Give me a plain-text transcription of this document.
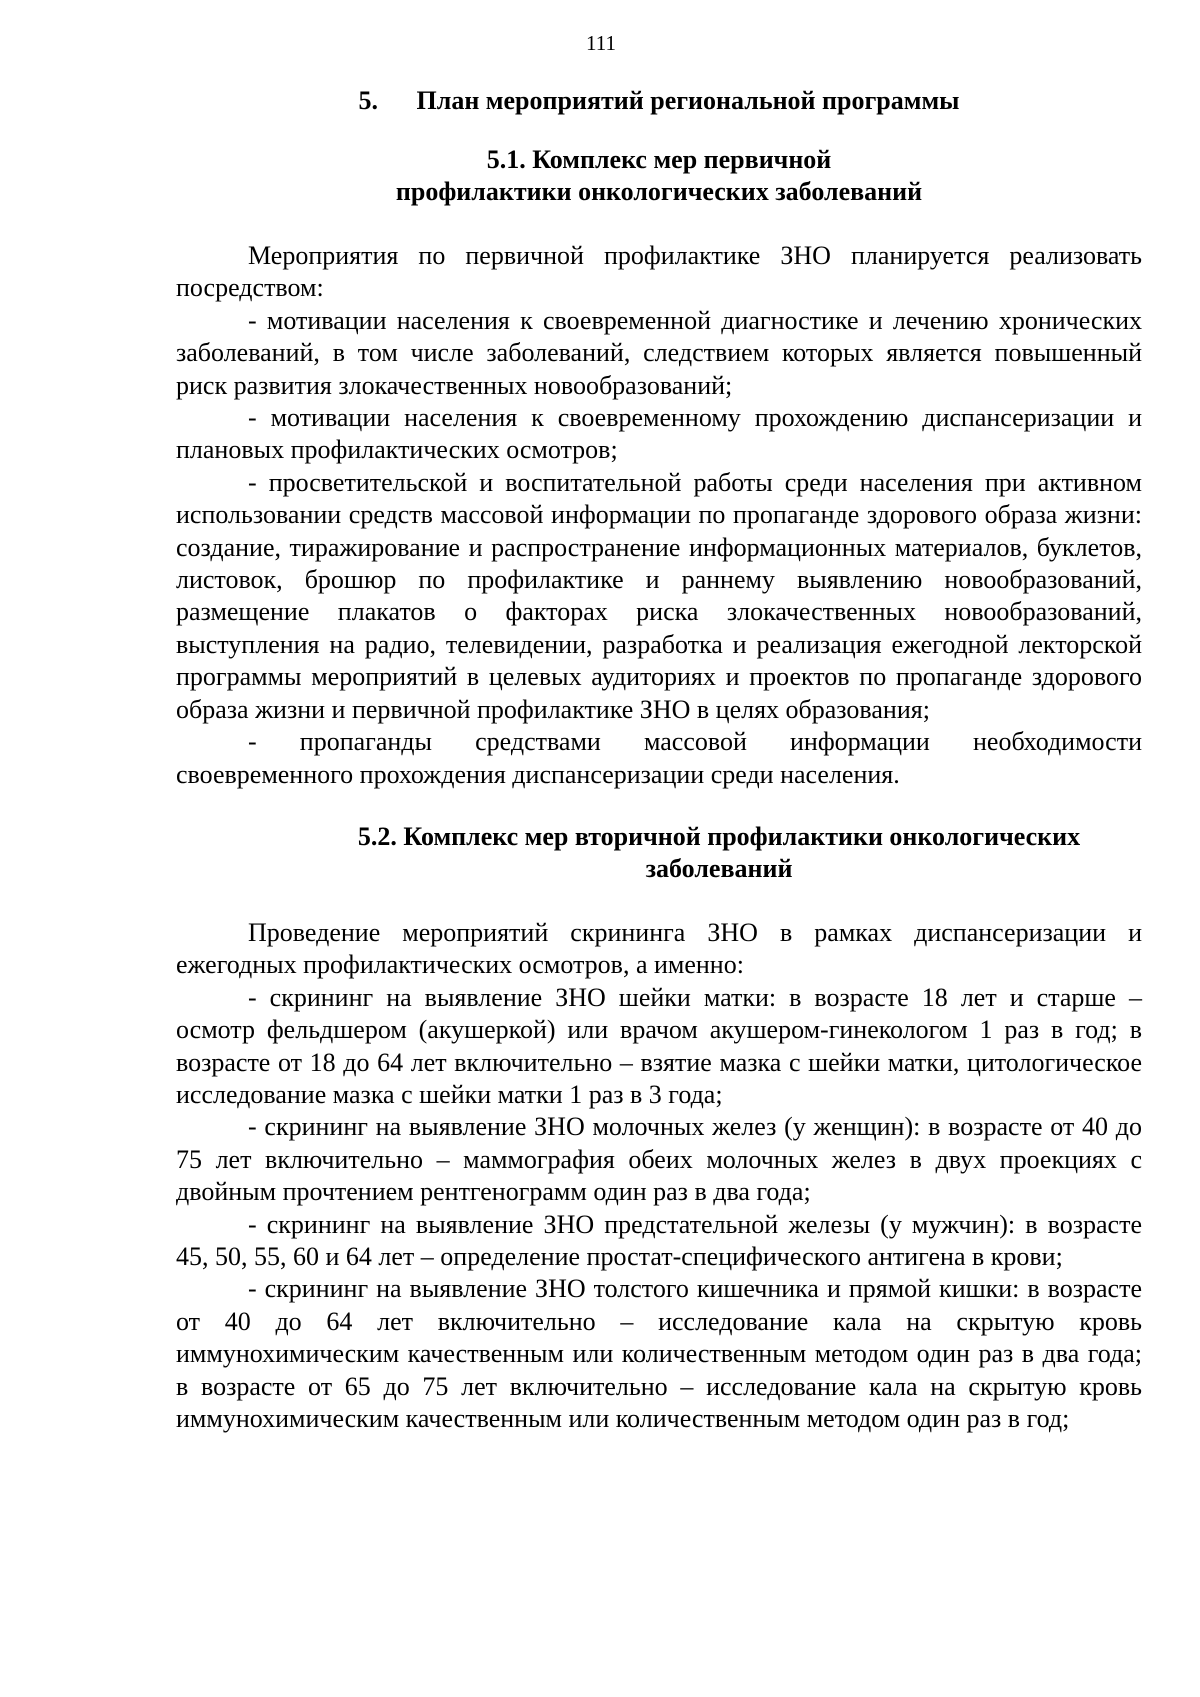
111
5. План мероприятий региональной программы
5.1. Комплекс мер первичной
профилактики онкологических заболеваний

Мероприятия по первичной профилактике ЗНО планируется реализовать посредством:

- мотивации населения к своевременной диагностике и лечению хронических заболеваний, в том числе заболеваний, следствием которых является повышенный риск развития злокачественных новообразований;

- мотивации населения к своевременному прохождению диспансеризации и плановых профилактических осмотров;

- просветительской и воспитательной работы среди населения при активном использовании средств массовой информации по пропаганде здорового образа жизни: создание, тиражирование и распространение информационных материалов, буклетов, листовок, брошюр по профилактике и раннему выявлению новообразований, размещение плакатов о факторах риска злокачественных новообразований, выступления на радио, телевидении, разработка и реализация ежегодной лекторской программы мероприятий в целевых аудиториях и проектов по пропаганде здорового образа жизни и первичной профилактике ЗНО в целях образования;

- пропаганды средствами массовой информации необходимости своевременного прохождения диспансеризации среди населения.

5.2. Комплекс мер вторичной профилактики онкологических
заболеваний

Проведение мероприятий скрининга ЗНО в рамках диспансеризации и ежегодных профилактических осмотров, а именно:

- скрининг на выявление ЗНО шейки матки: в возрасте 18 лет и старше – осмотр фельдшером (акушеркой) или врачом акушером-гинекологом 1 раз в год; в возрасте от 18 до 64 лет включительно – взятие мазка с шейки матки, цитологическое исследование мазка с шейки матки 1 раз в 3 года;

- скрининг на выявление ЗНО молочных желез (у женщин): в возрасте от 40 до 75 лет включительно – маммография обеих молочных желез в двух проекциях с двойным прочтением рентгенограмм один раз в два года;

- скрининг на выявление ЗНО предстательной железы (у мужчин): в возрасте 45, 50, 55, 60 и 64 лет – определение простат-специфического антигена в крови;

- скрининг на выявление ЗНО толстого кишечника и прямой кишки: в возрасте от 40 до 64 лет включительно – исследование кала на скрытую кровь иммунохимическим качественным или количественным методом один раз в два года; в возрасте от 65 до 75 лет включительно – исследование кала на скрытую кровь иммунохимическим качественным или количественным методом один раз в год;
